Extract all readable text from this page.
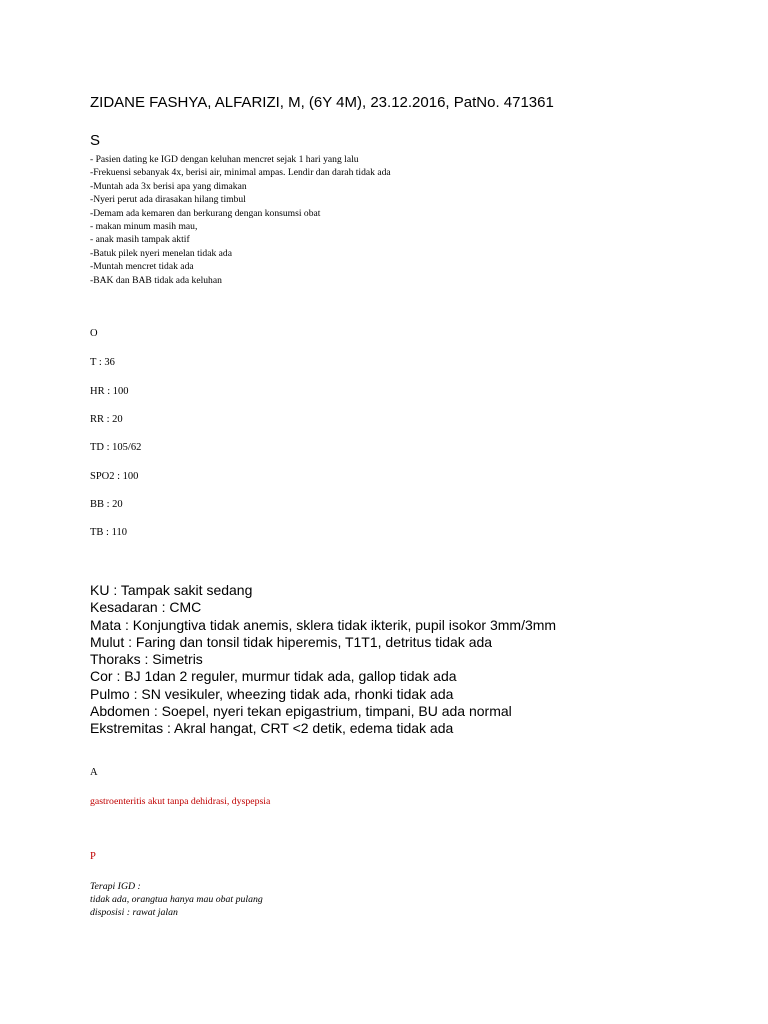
ZIDANE FASHYA, ALFARIZI, M, (6Y 4M), 23.12.2016, PatNo. 471361
S
- Pasien dating ke IGD dengan keluhan mencret sejak 1 hari yang lalu
-Frekuensi sebanyak 4x, berisi air, minimal ampas. Lendir dan darah tidak ada
-Muntah ada 3x berisi apa yang dimakan
-Nyeri perut ada dirasakan hilang timbul
-Demam ada kemaren dan berkurang dengan konsumsi obat
- makan minum masih mau,
- anak masih tampak aktif
-Batuk pilek nyeri menelan tidak ada
-Muntah mencret tidak ada
-BAK dan BAB tidak ada keluhan
O
T : 36
HR : 100
RR : 20
TD : 105/62
SPO2 : 100
BB : 20
TB : 110
KU : Tampak sakit sedang
Kesadaran : CMC
Mata : Konjungtiva tidak anemis, sklera tidak ikterik, pupil isokor 3mm/3mm
Mulut : Faring dan tonsil tidak hiperemis, T1T1, detritus tidak ada
Thoraks : Simetris
Cor : BJ 1dan 2 reguler, murmur tidak ada, gallop tidak ada
Pulmo : SN vesikuler, wheezing tidak ada, rhonki tidak ada
Abdomen : Soepel, nyeri tekan epigastrium, timpani, BU ada normal
Ekstremitas : Akral hangat, CRT <2 detik, edema tidak ada
A
gastroenteritis akut tanpa dehidrasi, dyspepsia
P
Terapi IGD :
tidak ada, orangtua hanya mau obat pulang
disposisi : rawat jalan
